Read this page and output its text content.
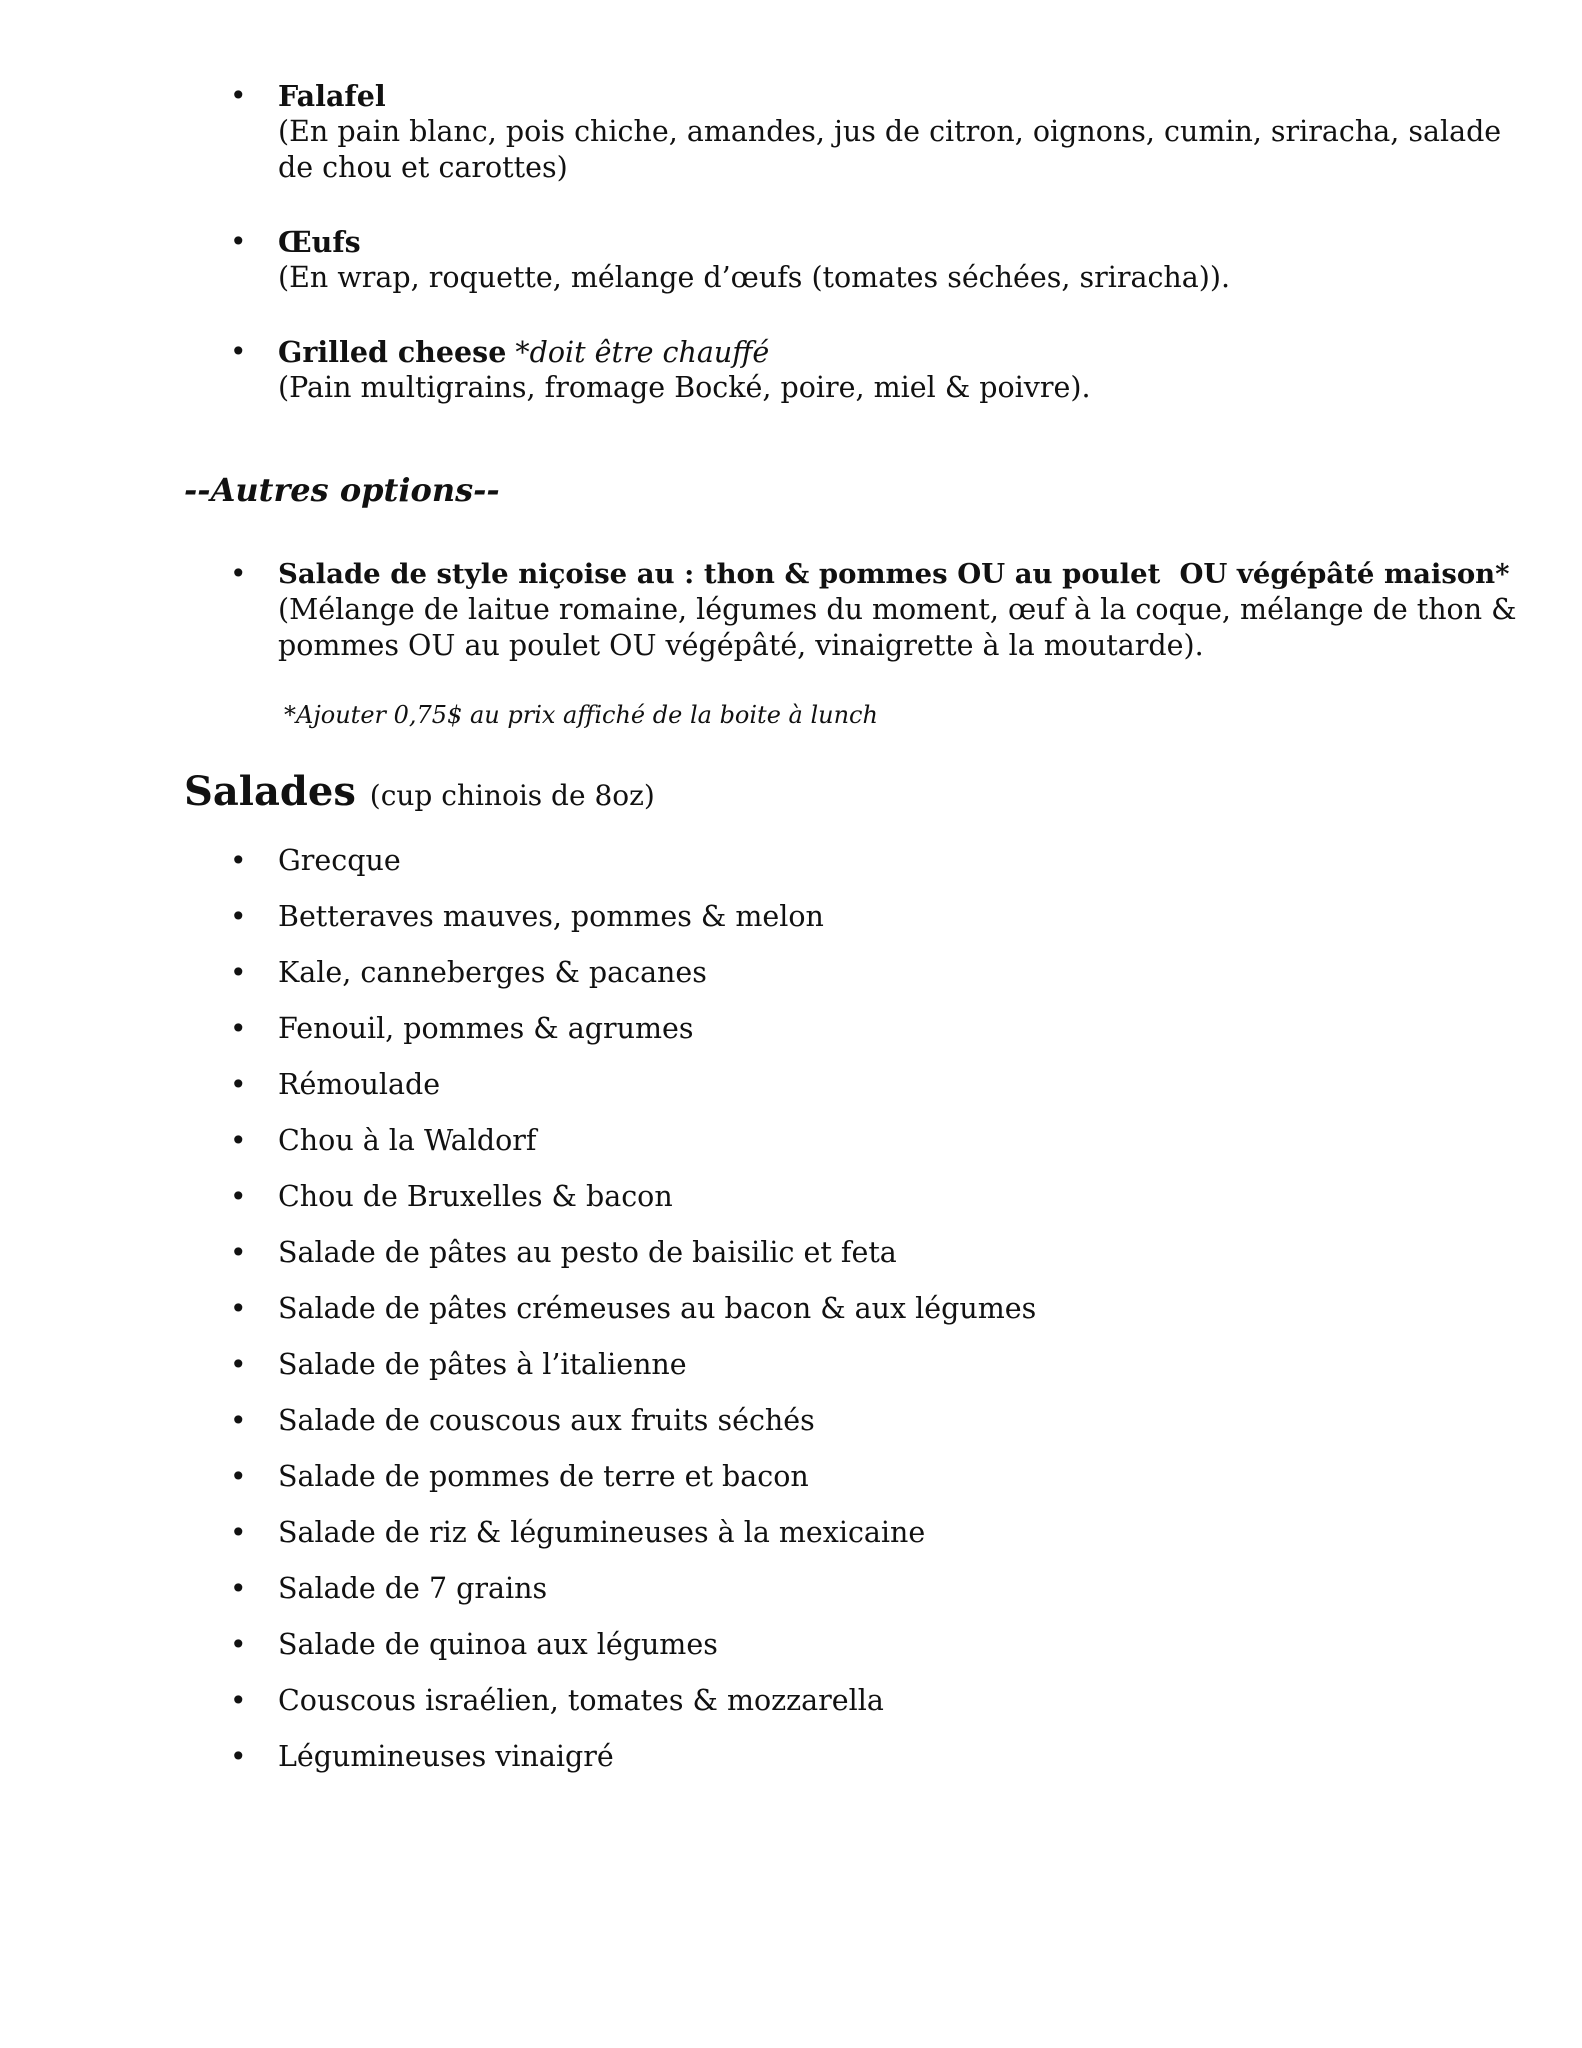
• Falafel
(En pain blanc, pois chiche, amandes, jus de citron, oignons, cumin, sriracha, salade
de chou et carottes)
• Œufs
(En wrap, roquette, mélange d’œufs (tomates séchées, sriracha)).
• Grilled cheese *doit être chauffé
(Pain multigrains, fromage Bocké, poire, miel & poivre).
--Autres options--
• Salade de style niçoise au : thon & pommes OU au poulet  OU végépâté maison*
(Mélange de laitue romaine, légumes du moment, œuf à la coque, mélange de thon &
pommes OU au poulet OU végépâté, vinaigrette à la moutarde).
*Ajouter 0,75$ au prix affiché de la boite à lunch
Salades (cup chinois de 8oz)
• Grecque
• Betteraves mauves, pommes & melon
• Kale, canneberges & pacanes
• Fenouil, pommes & agrumes
• Rémoulade
• Chou à la Waldorf
• Chou de Bruxelles & bacon
• Salade de pâtes au pesto de baisilic et feta
• Salade de pâtes crémeuses au bacon & aux légumes
• Salade de pâtes à l’italienne
• Salade de couscous aux fruits séchés
• Salade de pommes de terre et bacon
• Salade de riz & légumineuses à la mexicaine
• Salade de 7 grains
• Salade de quinoa aux légumes
• Couscous israélien, tomates & mozzarella
• Légumineuses vinaigré
